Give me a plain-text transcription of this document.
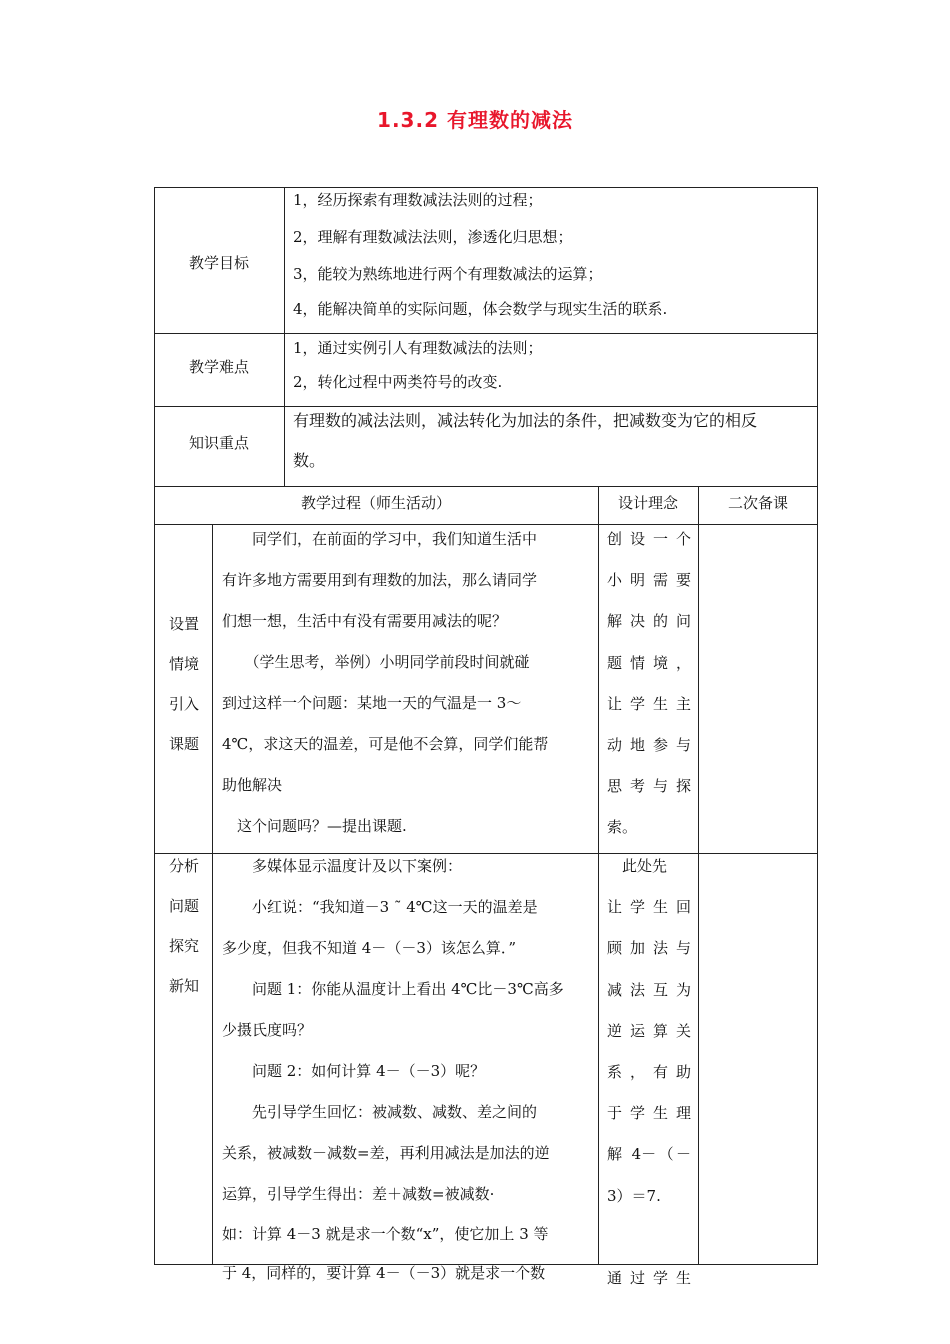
1.3.2 有理数的减法
教学目标
1，经历探索有理数减法法则的过程；
2，理解有理数减法法则，渗透化归思想；
3，能较为熟练地进行两个有理数减法的运算；
4，能解决简单的实际问题，体会数学与现实生活的联系.
教学难点
1，通过实例引人有理数减法的法则；
2，转化过程中两类符号的改变.
知识重点
有理数的减法法则，减法转化为加法的条件，把减数变为它的相反
数。
教学过程（师生活动）	设计理念	二次备课
设置
情境
引入
课题
　　同学们，在前面的学习中，我们知道生活中
有许多地方需要用到有理数的加法，那么请同学
们想一想，生活中有没有需要用减法的呢？
　　（学生思考，举例）小明同学前段时间就碰
到过这样一个问题：某地一天的气温是一 3～
4℃，求这天的温差，可是他不会算，同学们能帮
助他解决
　这个问题吗？—提出课题.
创设一个
小明需要
解决的问
题情境，
让学生主
动地参与
思考与探
索。
分析
问题
探究
新知
　　多媒体显示温度计及以下案例：
　　小红说：“我知道－3 ˜ 4℃这一天的温差是
多少度，但我不知道 4－（－3）该怎么算．”
　　问题 1：你能从温度计上看出 4℃比－3℃高多
少摄氏度吗？
　　问题 2：如何计算 4－（－3）呢？
　　先引导学生回忆：被减数、减数、差之间的
关系，被减数－减数=差，再利用减法是加法的逆
运算，引导学生得出：差＋减数=被减数·
如：计算 4－3 就是求一个数“x”，使它加上 3 等
于 4，同样的，要计算 4－（－3）就是求一个数
　此处先
让学生回
顾加法与
减法互为
逆运算关
系，有助
于学生理
解 4－（－
3）＝7.
通过学生
